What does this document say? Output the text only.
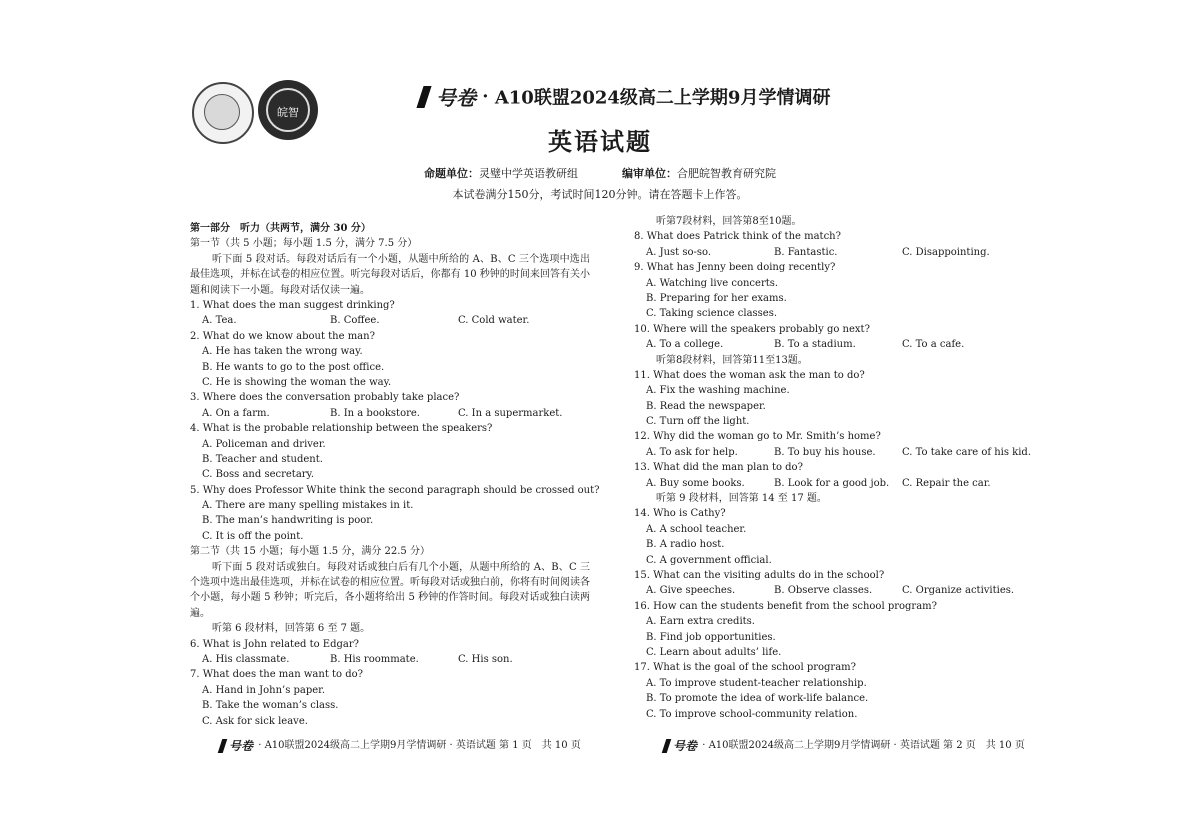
皖智
号卷 · A10联盟2024级高二上学期9月学情调研
英语试题
命题单位：灵璧中学英语教研组	编审单位：合肥皖智教育研究院
本试卷满分150分，考试时间120分钟。请在答题卡上作答。
第一部分　听力（共两节，满分 30 分）
第一节（共 5 小题；每小题 1.5 分，满分 7.5 分）
听下面 5 段对话。每段对话后有一个小题，从题中所给的 A、B、C 三个选项中选出最佳选项，并标在试卷的相应位置。听完每段对话后，你都有 10 秒钟的时间来回答有关小题和阅读下一小题。每段对话仅读一遍。
1. What does the man suggest drinking?
A. Tea.	B. Coffee.	C. Cold water.
2. What do we know about the man?
A. He has taken the wrong way.
B. He wants to go to the post office.
C. He is showing the woman the way.
3. Where does the conversation probably take place?
A. On a farm.	B. In a bookstore.	C. In a supermarket.
4. What is the probable relationship between the speakers?
A. Policeman and driver.
B. Teacher and student.
C. Boss and secretary.
5. Why does Professor White think the second paragraph should be crossed out?
A. There are many spelling mistakes in it.
B. The man’s handwriting is poor.
C. It is off the point.
第二节（共 15 小题；每小题 1.5 分，满分 22.5 分）
听下面 5 段对话或独白。每段对话或独白后有几个小题，从题中所给的 A、B、C 三个选项中选出最佳选项，并标在试卷的相应位置。听每段对话或独白前，你将有时间阅读各个小题，每小题 5 秒钟；听完后，各小题将给出 5 秒钟的作答时间。每段对话或独白读两遍。
听第 6 段材料，回答第 6 至 7 题。
6. What is John related to Edgar?
A. His classmate.	B. His roommate.	C. His son.
7. What does the man want to do?
A. Hand in John’s paper.
B. Take the woman’s class.
C. Ask for sick leave.
听第7段材料，回答第8至10题。
8. What does Patrick think of the match?
A. Just so-so.	B. Fantastic.	C. Disappointing.
9. What has Jenny been doing recently?
A. Watching live concerts.
B. Preparing for her exams.
C. Taking science classes.
10. Where will the speakers probably go next?
A. To a college.	B. To a stadium.	C. To a cafe.
听第8段材料，回答第11至13题。
11. What does the woman ask the man to do?
A. Fix the washing machine.
B. Read the newspaper.
C. Turn off the light.
12. Why did the woman go to Mr. Smith’s home?
A. To ask for help.	B. To buy his house.	C. To take care of his kid.
13. What did the man plan to do?
A. Buy some books.	B. Look for a good job.	C. Repair the car.
听第 9 段材料，回答第 14 至 17 题。
14. Who is Cathy?
A. A school teacher.
B. A radio host.
C. A government official.
15. What can the visiting adults do in the school?
A. Give speeches.	B. Observe classes.	C. Organize activities.
16. How can the students benefit from the school program?
A. Earn extra credits.
B. Find job opportunities.
C. Learn about adults’ life.
17. What is the goal of the school program?
A. To improve student-teacher relationship.
B. To promote the idea of work-life balance.
C. To improve school-community relation.
号卷 · A10联盟2024级高二上学期9月学情调研 · 英语试题 第 1 页　共 10 页	号卷 · A10联盟2024级高二上学期9月学情调研 · 英语试题 第 2 页　共 10 页
